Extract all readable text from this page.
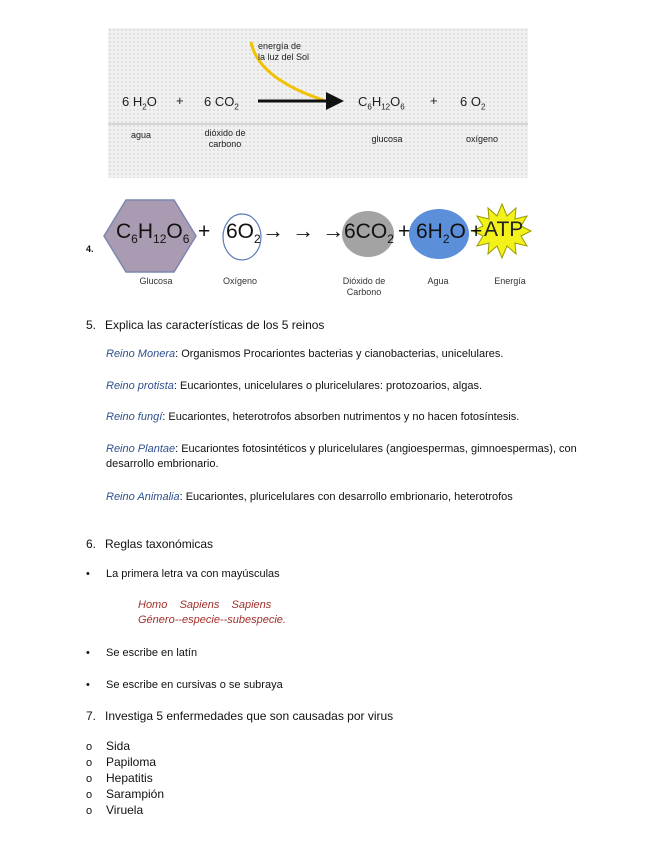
energía de
la luz del Sol
6 $H_2O + 6$ $CO_2$	$C_6H_{12}O_6 + 6$ $O_2$
agua	dióxido de
carbono	glucosa	oxígeno
4.
$C_6H_{12}O_6 + 6O_2$ → → →
$6CO_2 + 6H_2O$ + ATP
Glucosa	Oxígeno	Dióxido de
Carbono
Agua	Energía
5. Explica las características de los 5 reinos
Reino Monera: Organismos Procariontes bacterias y cianobacterias, unicelulares.
Reino protista: Eucariontes, unicelulares o pluricelulares: protozoarios, algas.
Reino fungí: Eucariontes, heterotrofos absorben nutrimentos y no hacen fotosíntesis.
Reino Plantae: Eucariontes fotosintéticos y pluricelulares (angioespermas, gimnoespermas), con desarrollo embrionario.
Reino Animalia: Eucariontes, pluricelulares con desarrollo embrionario, heterotrofos
6. Reglas taxonómicas
• La primera letra va con mayúsculas
Homo    Sapiens    Sapiens
Género--especie--subespecie.
• Se escribe en latín
• Se escribe en cursivas o se subraya
7. Investiga 5 enfermedades que son causadas por virus
o Sida
o Papiloma
o Hepatitis
o Sarampión
o Viruela
